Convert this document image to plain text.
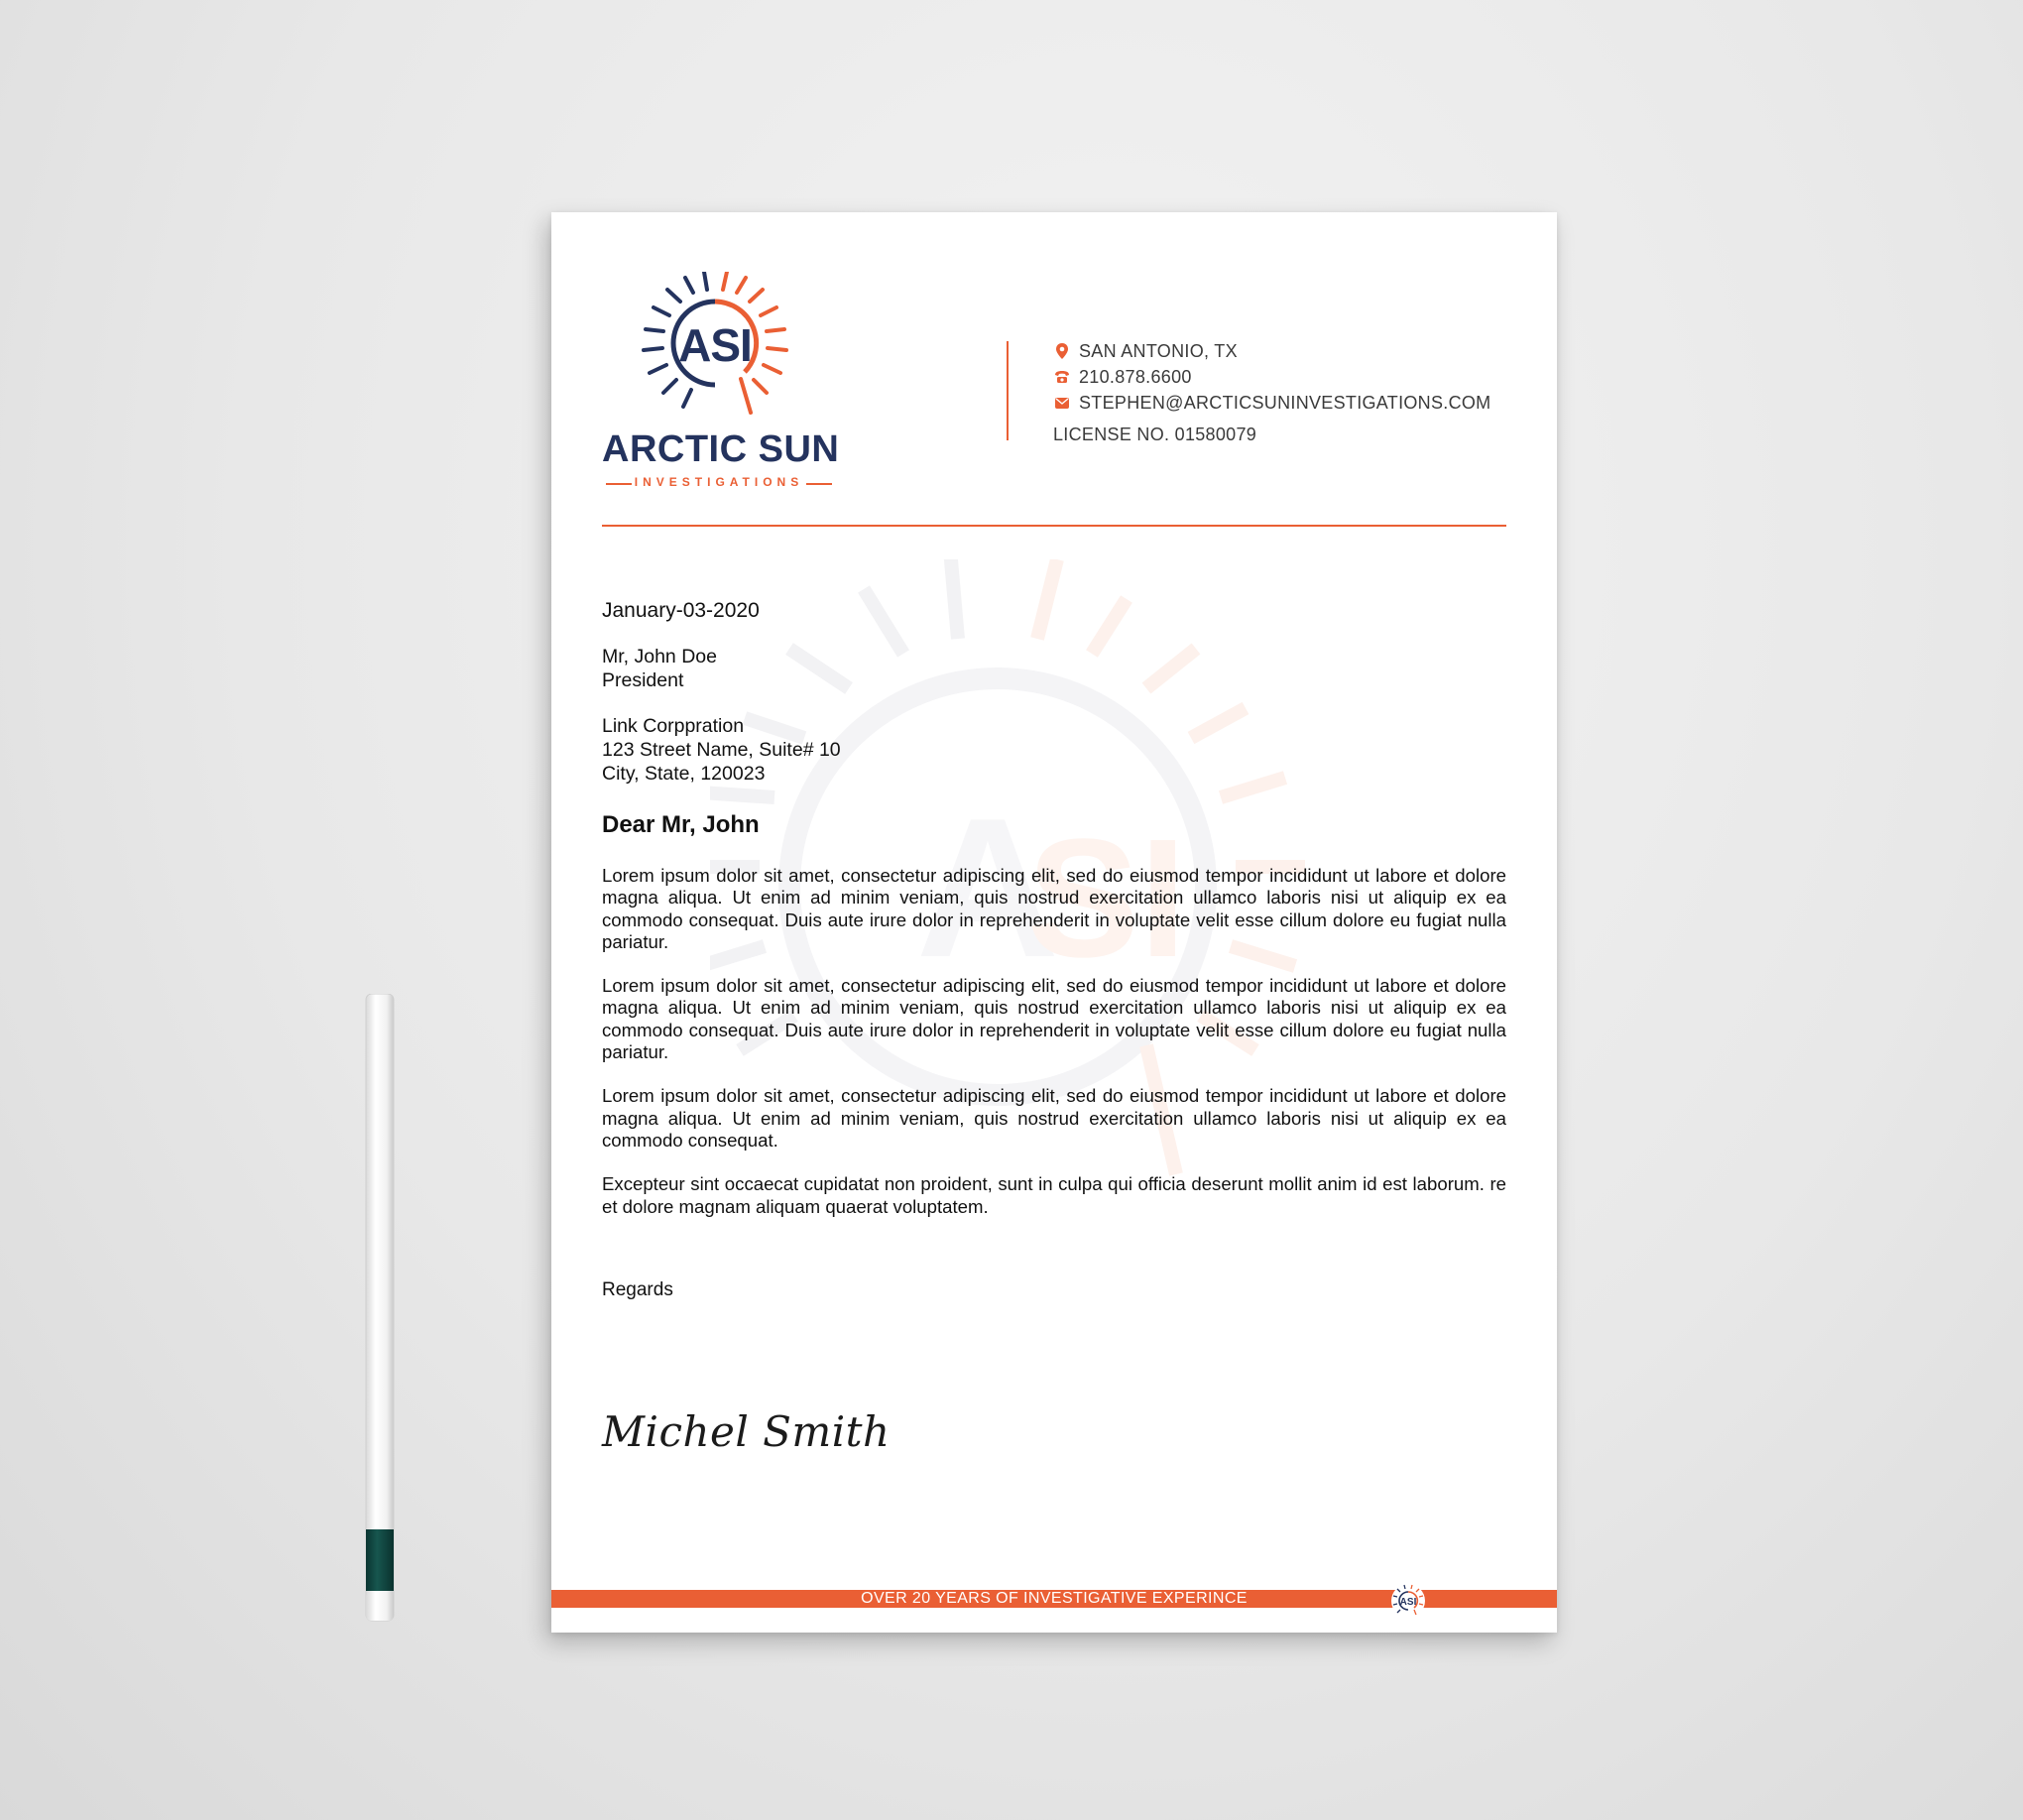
A
SI
ASI
ARCTIC SUN
INVESTIGATIONS
SAN ANTONIO, TX
210.878.6600
STEPHEN@ARCTICSUNINVESTIGATIONS.COM
LICENSE NO. 01580079
January-03-2020
Mr, John Doe
President
Link Corppration
123 Street Name, Suite# 10
City, State, 120023
Dear Mr, John
Lorem ipsum dolor sit amet, consectetur adipiscing elit, sed do eiusmod tempor incididunt ut labore et dolore magna aliqua. Ut enim ad minim veniam, quis nostrud exercitation ullamco laboris nisi ut aliquip ex ea commodo consequat. Duis aute irure dolor in reprehenderit in voluptate velit esse cillum dolore eu fugiat nulla pariatur.
Lorem ipsum dolor sit amet, consectetur adipiscing elit, sed do eiusmod tempor incididunt ut labore et dolore magna aliqua. Ut enim ad minim veniam, quis nostrud exercitation ullamco laboris nisi ut aliquip ex ea commodo consequat. Duis aute irure dolor in reprehenderit in voluptate velit esse cillum dolore eu fugiat nulla pariatur.
Lorem ipsum dolor sit amet, consectetur adipiscing elit, sed do eiusmod tempor incididunt ut labore et dolore magna aliqua. Ut enim ad minim veniam, quis nostrud exercitation ullamco laboris nisi ut aliquip ex ea commodo consequat.
Excepteur sint occaecat cupidatat non proident, sunt in culpa qui officia deserunt mollit anim id est laborum. re et dolore magnam aliquam quaerat voluptatem.
Regards
Michel Smith
OVER 20 YEARS OF INVESTIGATIVE EXPERINCE	ASI
